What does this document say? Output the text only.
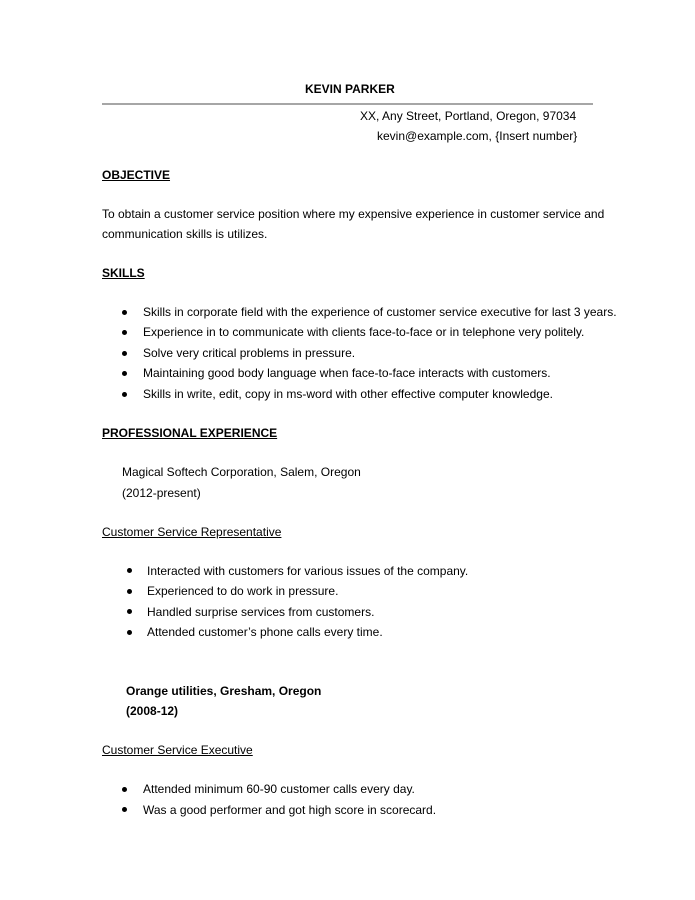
KEVIN PARKER
XX, Any Street, Portland, Oregon, 97034
kevin@example.com, {Insert number}
OBJECTIVE
To obtain a customer service position where my expensive experience in customer service and
communication skills is utilizes.
SKILLS
Skills in corporate field with the experience of customer service executive for last 3 years.
Experience in to communicate with clients face-to-face or in telephone very politely.
Solve very critical problems in pressure.
Maintaining good body language when face-to-face interacts with customers.
Skills in write, edit, copy in ms-word with other effective computer knowledge.
PROFESSIONAL EXPERIENCE
Magical Softech Corporation, Salem, Oregon
(2012-present)
Customer Service Representative
Interacted with customers for various issues of the company.
Experienced to do work in pressure.
Handled surprise services from customers.
Attended customer’s phone calls every time.
Orange utilities, Gresham, Oregon
(2008-12)
Customer Service Executive
Attended minimum 60-90 customer calls every day.
Was a good performer and got high score in scorecard.
